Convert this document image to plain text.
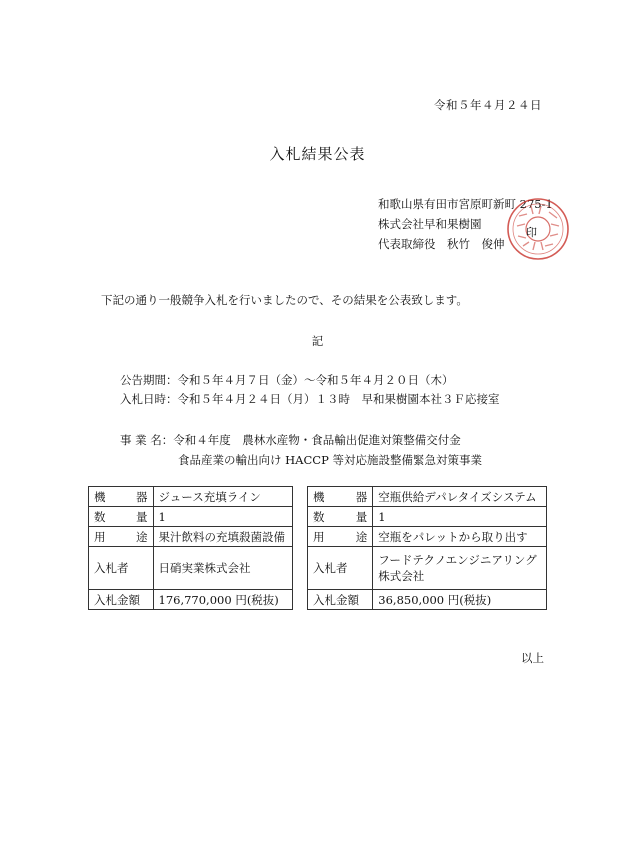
令和５年４月２４日
入札結果公表
和歌山県有田市宮原町新町 275-1
株式会社早和果樹園
代表取締役　秋竹　俊伸
印
下記の通り一般競争入札を行いましたので、その結果を公表致します。
記
公告期間：令和５年４月７日（金）～令和５年４月２０日（木）
入札日時：令和５年４月２４日（月）１３時　早和果樹園本社３Ｆ応接室
事 業 名：令和４年度　農林水産物・食品輸出促進対策整備交付金
食品産業の輸出向け HACCP 等対応施設整備緊急対策事業
機 器	ジュース充填ライン

数 量	1

用 途	果汁飲料の充填殺菌設備
入札者	日硝実業株式会社
入札金額	176,770,000 円(税抜)
機 器	空瓶供給デパレタイズシステム

数 量	1

用 途	空瓶をパレットから取り出す
入札者	フードテクノエンジニアリング
株式会社

入札金額	36,850,000 円(税抜)
以上
